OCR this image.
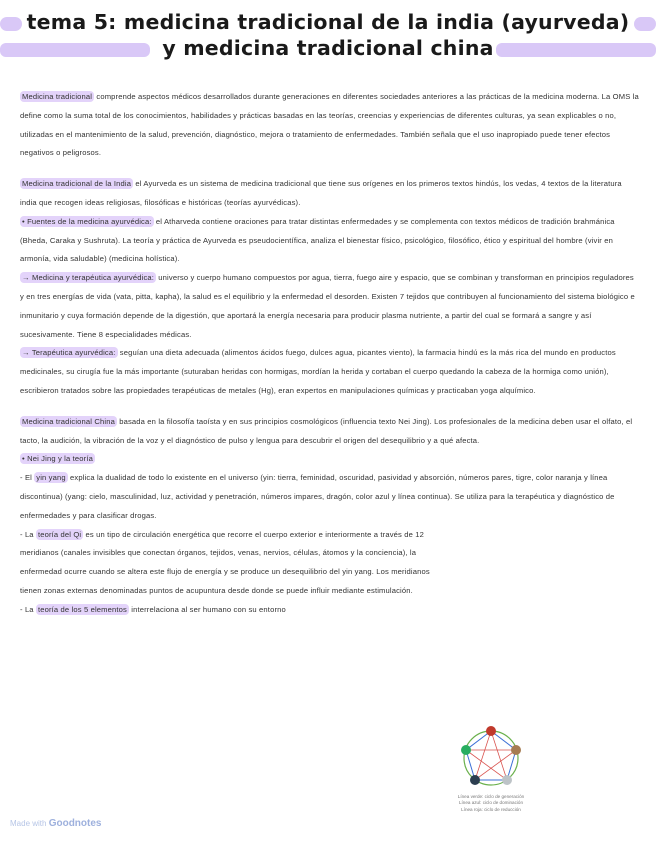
tema 5: medicina tradicional de la india (ayurveda)
y medicina tradicional china

Medicina tradicional comprende aspectos médicos desarrollados durante generaciones en diferentes sociedades anteriores a las prácticas de la medicina moderna. La OMS la define como la suma total de los conocimientos, habilidades y prácticas basadas en las teorías, creencias y experiencias de diferentes culturas, ya sean explicables o no, utilizadas en el mantenimiento de la salud, prevención, diagnóstico, mejora o tratamiento de enfermedades. También señala que el uso inapropiado puede tener efectos negativos o peligrosos.

Medicina tradicional de la India el Ayurveda es un sistema de medicina tradicional que tiene sus orígenes en los primeros textos hindús, los vedas, 4 textos de la literatura india que recogen ideas religiosas, filosóficas e históricas (teorías ayurvédicas).

• Fuentes de la medicina ayurvédica: el Atharveda contiene oraciones para tratar distintas enfermedades y se complementa con textos médicos de tradición brahmánica (Bheda, Caraka y Sushruta). La teoría y práctica de Ayurveda es pseudocientífica, analiza el bienestar físico, psicológico, filosófico, ético y espiritual del hombre (vivir en armonía, vida saludable) (medicina holística).

→ Medicina y terapéutica ayurvédica: universo y cuerpo humano compuestos por agua, tierra, fuego aire y espacio, que se combinan y transforman en principios reguladores y en tres energías de vida (vata, pitta, kapha), la salud es el equilibrio y la enfermedad el desorden. Existen 7 tejidos que contribuyen al funcionamiento del sistema biológico e inmunitario y cuya formación depende de la digestión, que aportará la energía necesaria para producir plasma nutriente, a partir del cual se formará a sangre y así sucesivamente. Tiene 8 especialidades médicas.

→ Terapéutica ayurvédica: seguían una dieta adecuada (alimentos ácidos fuego, dulces agua, picantes viento), la farmacia hindú es la más rica del mundo en productos medicinales, su cirugía fue la más importante (suturaban heridas con hormigas, mordían la herida y cortaban el cuerpo quedando la cabeza de la hormiga como unión), escribieron tratados sobre las propiedades terapéuticas de metales (Hg), eran expertos en manipulaciones químicas y practicaban yoga alquímico.

Medicina tradicional China basada en la filosofía taoísta y en sus principios cosmológicos (influencia texto Nei Jing). Los profesionales de la medicina deben usar el olfato, el tacto, la audición, la vibración de la voz y el diagnóstico de pulso y lengua para descubrir el origen del desequilibrio y a qué afecta.

• Nei Jing y la teoría

- El yin yang explica la dualidad de todo lo existente en el universo (yin: tierra, feminidad, oscuridad, pasividad y absorción, números pares, tigre, color naranja y línea discontinua) (yang: cielo, masculinidad, luz, actividad y penetración, números impares, dragón, color azul y línea continua). Se utiliza para la terapéutica y diagnóstico de enfermedades y para clasificar drogas.

- La teoría del Qi es un tipo de circulación energética que recorre el cuerpo exterior e interiormente a través de 12 meridianos (canales invisibles que conectan órganos, tejidos, venas, nervios, células, átomos y la conciencia), la enfermedad ocurre cuando se altera este flujo de energía y se produce un desequilibrio del yin yang. Los meridianos tienen zonas externas denominadas puntos de acupuntura desde donde se puede influir mediante estimulación.

- La teoría de los 5 elementos interrelaciona al ser humano con su entorno

Línea verde: ciclo de generación
Línea azul: ciclo de dominación
Línea roja: ciclo de reducción
Made with Goodnotes
